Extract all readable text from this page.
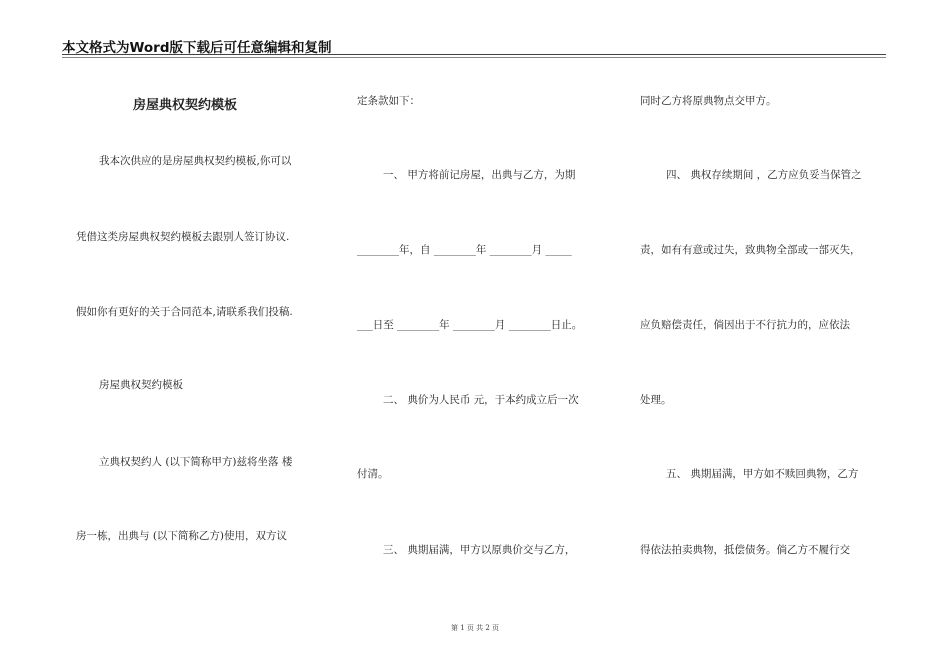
本文格式为Word版下载后可任意编辑和复制
房屋典权契约模板
我本次供应的是房屋典权契约模板,你可以
凭借这类房屋典权契约模板去跟别人签订协议.
假如你有更好的关于合同范本,请联系我们投稿.
房屋典权契约模板
立典权契约人 (以下简称甲方)兹将坐落 楼
房一栋，出典与 (以下简称乙方)使用，双方议
定条款如下：
一、 甲方将前记房屋，出典与乙方，为期
________年，自 ________年 ________月 _____
___日至 ________年 ________月 ________日止。
二、 典价为人民币 元，于本约成立后一次
付清。
三、 典期届满，甲方以原典价交与乙方，
同时乙方将原典物点交甲方。
四、 典权存续期间 ，乙方应负妥当保管之
责，如有有意或过失，致典物全部或一部灭失，
应负赔偿责任，倘因出于不行抗力的，应依法
处理。
五、 典期届满，甲方如不赎回典物，乙方
得依法拍卖典物，抵偿债务。倘乙方不履行交
第 1 页 共 2 页
